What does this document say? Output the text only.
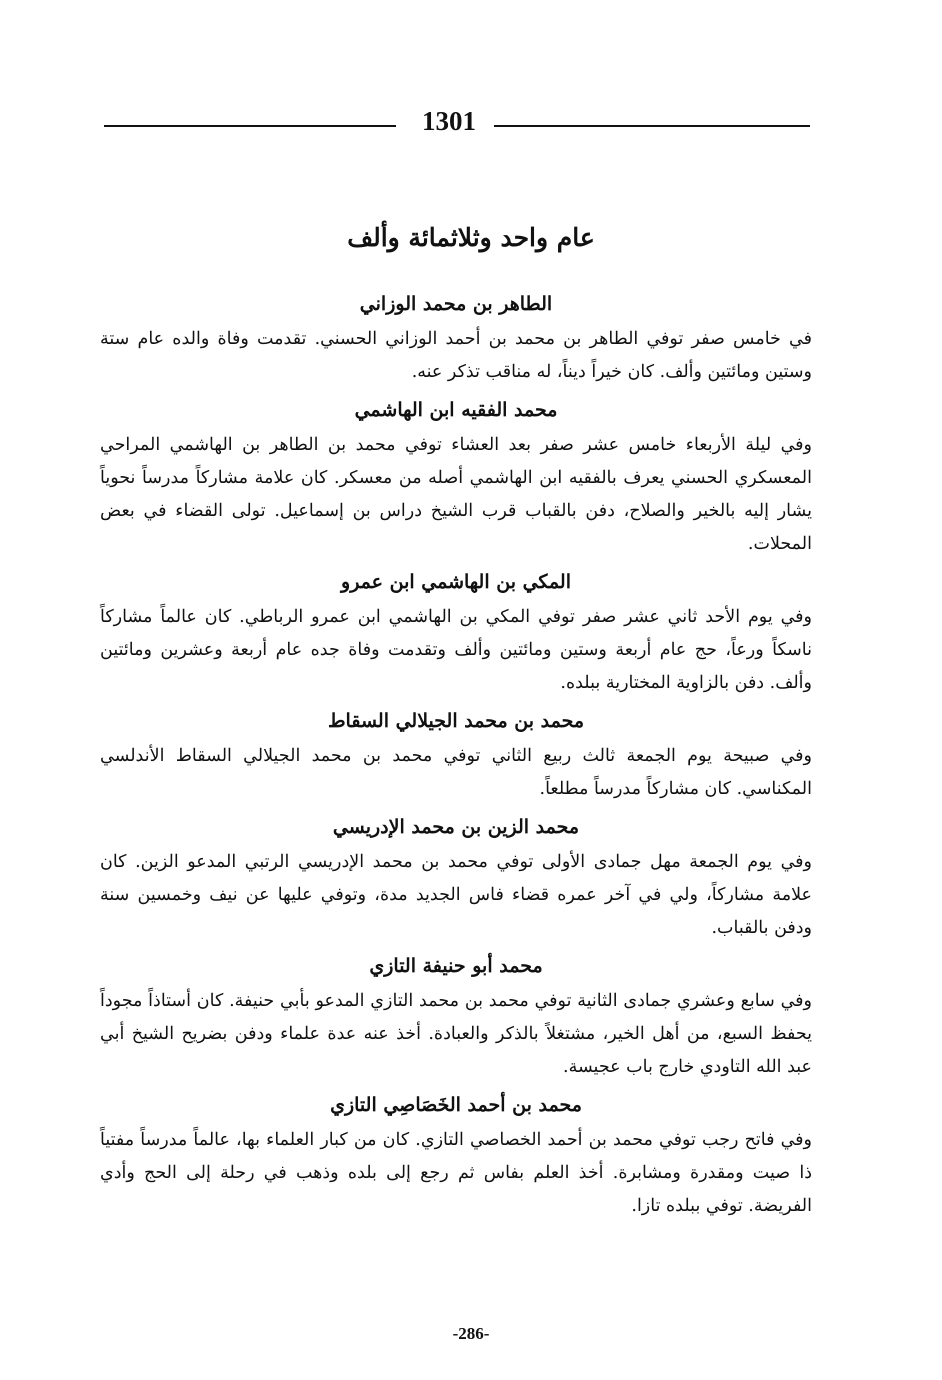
1301
عام واحد وثلاثمائة وألف

الطاهر بن محمد الوزاني

في خامس صفر توفي الطاهر بن محمد بن أحمد الوزاني الحسني. تقدمت وفاة والده عام ستة وستين ومائتين وألف. كان خيراً ديناً، له مناقب تذكر عنه.

محمد الفقيه ابن الهاشمي

وفي ليلة الأربعاء خامس عشر صفر بعد العشاء توفي محمد بن الطاهر بن الهاشمي المراحي المعسكري الحسني يعرف بالفقيه ابن الهاشمي أصله من معسكر. كان علامة مشاركاً مدرساً نحوياً يشار إليه بالخير والصلاح، دفن بالقباب قرب الشيخ دراس بن إسماعيل. تولى القضاء في بعض المحلات.

المكي بن الهاشمي ابن عمرو

وفي يوم الأحد ثاني عشر صفر توفي المكي بن الهاشمي ابن عمرو الرباطي. كان عالماً مشاركاً ناسكاً ورعاً، حج عام أربعة وستين ومائتين وألف وتقدمت وفاة جده عام أربعة وعشرين ومائتين وألف. دفن بالزاوية المختارية ببلده.

محمد بن محمد الجيلالي السقاط

وفي صبيحة يوم الجمعة ثالث ربيع الثاني توفي محمد بن محمد الجيلالي السقاط الأندلسي المكناسي. كان مشاركاً مدرساً مطلعاً.

محمد الزين بن محمد الإدريسي

وفي يوم الجمعة مهل جمادى الأولى توفي محمد بن محمد الإدريسي الرتبي المدعو الزين. كان علامة مشاركاً، ولي في آخر عمره قضاء فاس الجديد مدة، وتوفي عليها عن نيف وخمسين سنة ودفن بالقباب.

محمد أبو حنيفة التازي

وفي سابع وعشري جمادى الثانية توفي محمد بن محمد التازي المدعو بأبي حنيفة. كان أستاذاً مجوداً يحفظ السبع، من أهل الخير، مشتغلاً بالذكر والعبادة. أخذ عنه عدة علماء ودفن بضريح الشيخ أبي عبد الله التاودي خارج باب عجيسة.

محمد بن أحمد الخَصَاصِي التازي

وفي فاتح رجب توفي محمد بن أحمد الخصاصي التازي. كان من كبار العلماء بها، عالماً مدرساً مفتياً ذا صيت ومقدرة ومشابرة. أخذ العلم بفاس ثم رجع إلى بلده وذهب في رحلة إلى الحج وأدي الفريضة. توفي ببلده تازا.

-286-
